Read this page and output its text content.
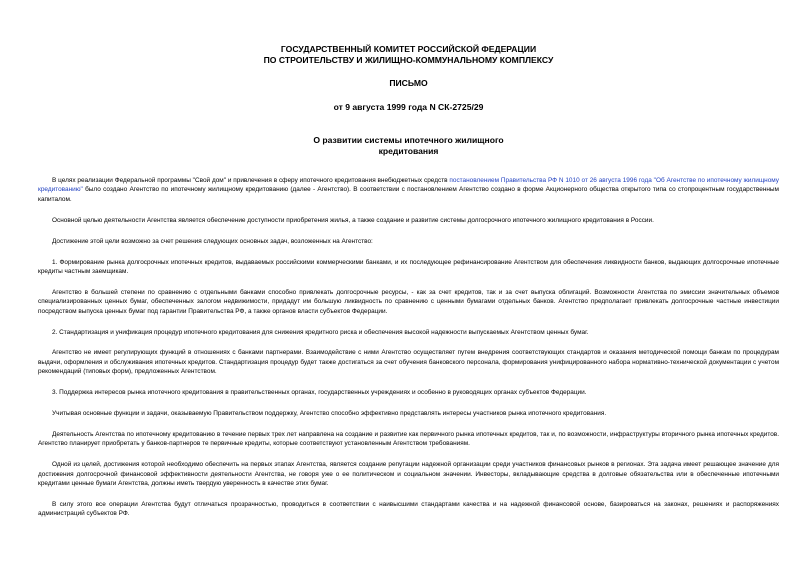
ГОСУДАРСТВЕННЫЙ КОМИТЕТ РОССИЙСКОЙ ФЕДЕРАЦИИ
ПО СТРОИТЕЛЬСТВУ И ЖИЛИЩНО-КОММУНАЛЬНОМУ КОМПЛЕКСУ
ПИСЬМО
от 9 августа 1999 года N СК-2725/29
О развитии системы ипотечного жилищного
кредитования

В целях реализации Федеральной программы "Свой дом" и привлечения в сферу ипотечного кредитования внебюджетных средств постановлением Правительства РФ N 1010 от 26 августа 1996 года "Об Агентстве по ипотечному жилищному кредитованию" было создано Агентство по ипотечному жилищному кредитованию (далее - Агентство). В соответствии с постановлением Агентство создано в форме Акционерного общества открытого типа со стопроцентным государственным капиталом.

Основной целью деятельности Агентства является обеспечение доступности приобретения жилья, а также создание и развитие системы долгосрочного ипотечного жилищного кредитования в России.

Достижение этой цели возможно за счет решения следующих основных задач, возложенных на Агентство:

1. Формирование рынка долгосрочных ипотечных кредитов, выдаваемых российскими коммерческими банками, и их последующее рефинансирование Агентством для обеспечения ликвидности банков, выдающих долгосрочные ипотечные кредиты частным заемщикам.

Агентство в большей степени по сравнению с отдельными банками способно привлекать долгосрочные ресурсы, - как за счет кредитов, так и за счет выпуска облигаций. Возможности Агентства по эмиссии значительных объемов специализированных ценных бумаг, обеспеченных залогом недвижимости, придадут им большую ликвидность по сравнению с ценными бумагами отдельных банков. Агентство предполагает привлекать долгосрочные частные инвестиции посредством выпуска ценных бумаг под гарантии Правительства РФ, а также органов власти субъектов Федерации.

2. Стандартизация и унификация процедур ипотечного кредитования для снижения кредитного риска и обеспечения высокой надежности выпускаемых Агентством ценных бумаг.

Агентство не имеет регулирующих функций в отношениях с банками партнерами. Взаимодействие с ними Агентство осуществляет путем внедрения соответствующих стандартов и оказания методической помощи банкам по процедурам выдачи, оформления и обслуживания ипотечных кредитов. Стандартизация процедур будет также достигаться за счет обучения банковского персонала, формирования унифицированного набора нормативно-технической документации с учетом рекомендаций (типовых форм), предложенных Агентством.

3. Поддержка интересов рынка ипотечного кредитования в правительственных органах, государственных учреждениях и особенно в руководящих органах субъектов Федерации.

Учитывая основные функции и задачи, оказываемую Правительством поддержку, Агентство способно эффективно представлять интересы участников рынка ипотечного кредитования.

Деятельность Агентства по ипотечному кредитованию в течение первых трех лет направлена на создание и развитие как первичного рынка ипотечных кредитов, так и, по возможности, инфраструктуры вторичного рынка ипотечных кредитов. Агентство планирует приобретать у банков-партнеров те первичные кредиты, которые соответствуют установленным Агентством требованиям.

Одной из целей, достижения которой необходимо обеспечить на первых этапах Агентства, является создание репутации надежной организации среди участников финансовых рынков в регионах. Эта задача имеет решающее значение для достижения долгосрочной финансовой эффективности деятельности Агентства, не говоря уже о ее политическом и социальном значении. Инвесторы, вкладывающие средства в долговые обязательства или в обеспеченные ипотечными кредитами ценные бумаги Агентства, должны иметь твердую уверенность в качестве этих бумаг.

В силу этого все операции Агентства будут отличаться прозрачностью, проводиться в соответствии с наивысшими стандартами качества и на надежной финансовой основе, базироваться на законах, решениях и распоряжениях администраций субъектов РФ.
